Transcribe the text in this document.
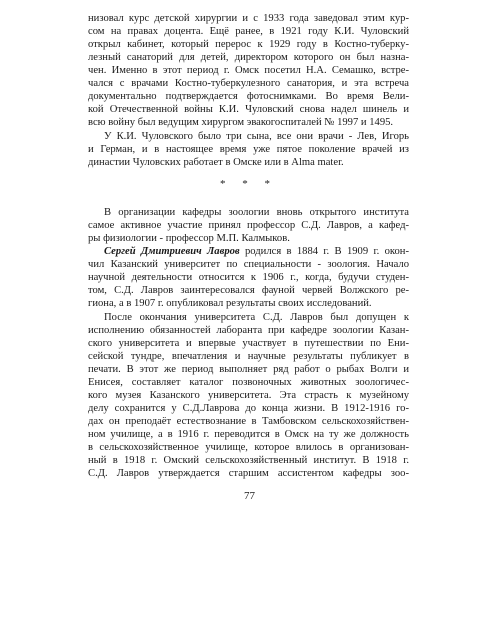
низовал курс детской хирургии и с 1933 года заведовал этим кур-
сом на правах доцента. Ещё ранее, в 1921 году К.И. Чуловский
открыл кабинет, который перерос к 1929 году в Костно-туберку-
лезный санаторий для детей, директором которого он был назна-
чен. Именно в этот период г. Омск посетил Н.А. Семашко, встре-
чался с врачами Костно-туберкулезного санатория, и эта встреча
документально подтверждается фотоснимками. Во время Вели-
кой Отечественной войны К.И. Чуловский снова надел шинель и
всю войну был ведущим хирургом эвакогоспиталей № 1997 и 1495.
У К.И. Чуловского было три сына, все они врачи - Лев, Игорь
и Герман, и в настоящее время уже пятое поколение врачей из
династии Чуловских работает в Омске или в Alma mater.
* * *
В организации кафедры зоологии вновь открытого института
самое активное участие принял профессор С.Д. Лавров, а кафед-
ры физиологии - профессор М.П. Калмыков.
Сергей Дмитриевич Лавров родился в 1884 г. В 1909 г. окон-
чил Казанский университет по специальности - зоология. Начало
научной деятельности относится к 1906 г., когда, будучи студен-
том, С.Д. Лавров заинтересовался фауной червей Волжского ре-
гиона, а в 1907 г. опубликовал результаты своих исследований.
После окончания университета С.Д. Лавров был допущен к
исполнению обязанностей лаборанта при кафедре зоологии Казан-
ского университета и впервые участвует в путешествии по Ени-
сейской тундре, впечатления и научные результаты публикует в
печати. В этот же период выполняет ряд работ о рыбах Волги и
Енисея, составляет каталог позвоночных животных зоологичес-
кого музея Казанского университета. Эта страсть к музейному
делу сохранится у С.Д.Лаврова до конца жизни. В 1912-1916 го-
дах он преподаёт естествознание в Тамбовском сельскохозяйствен-
ном училище, а в 1916 г. переводится в Омск на ту же должность
в сельскохозяйственное училище, которое влилось в организован-
ный в 1918 г. Омский сельскохозяйственный институт. В 1918 г.
С.Д. Лавров утверждается старшим ассистентом кафедры зоо-
77
